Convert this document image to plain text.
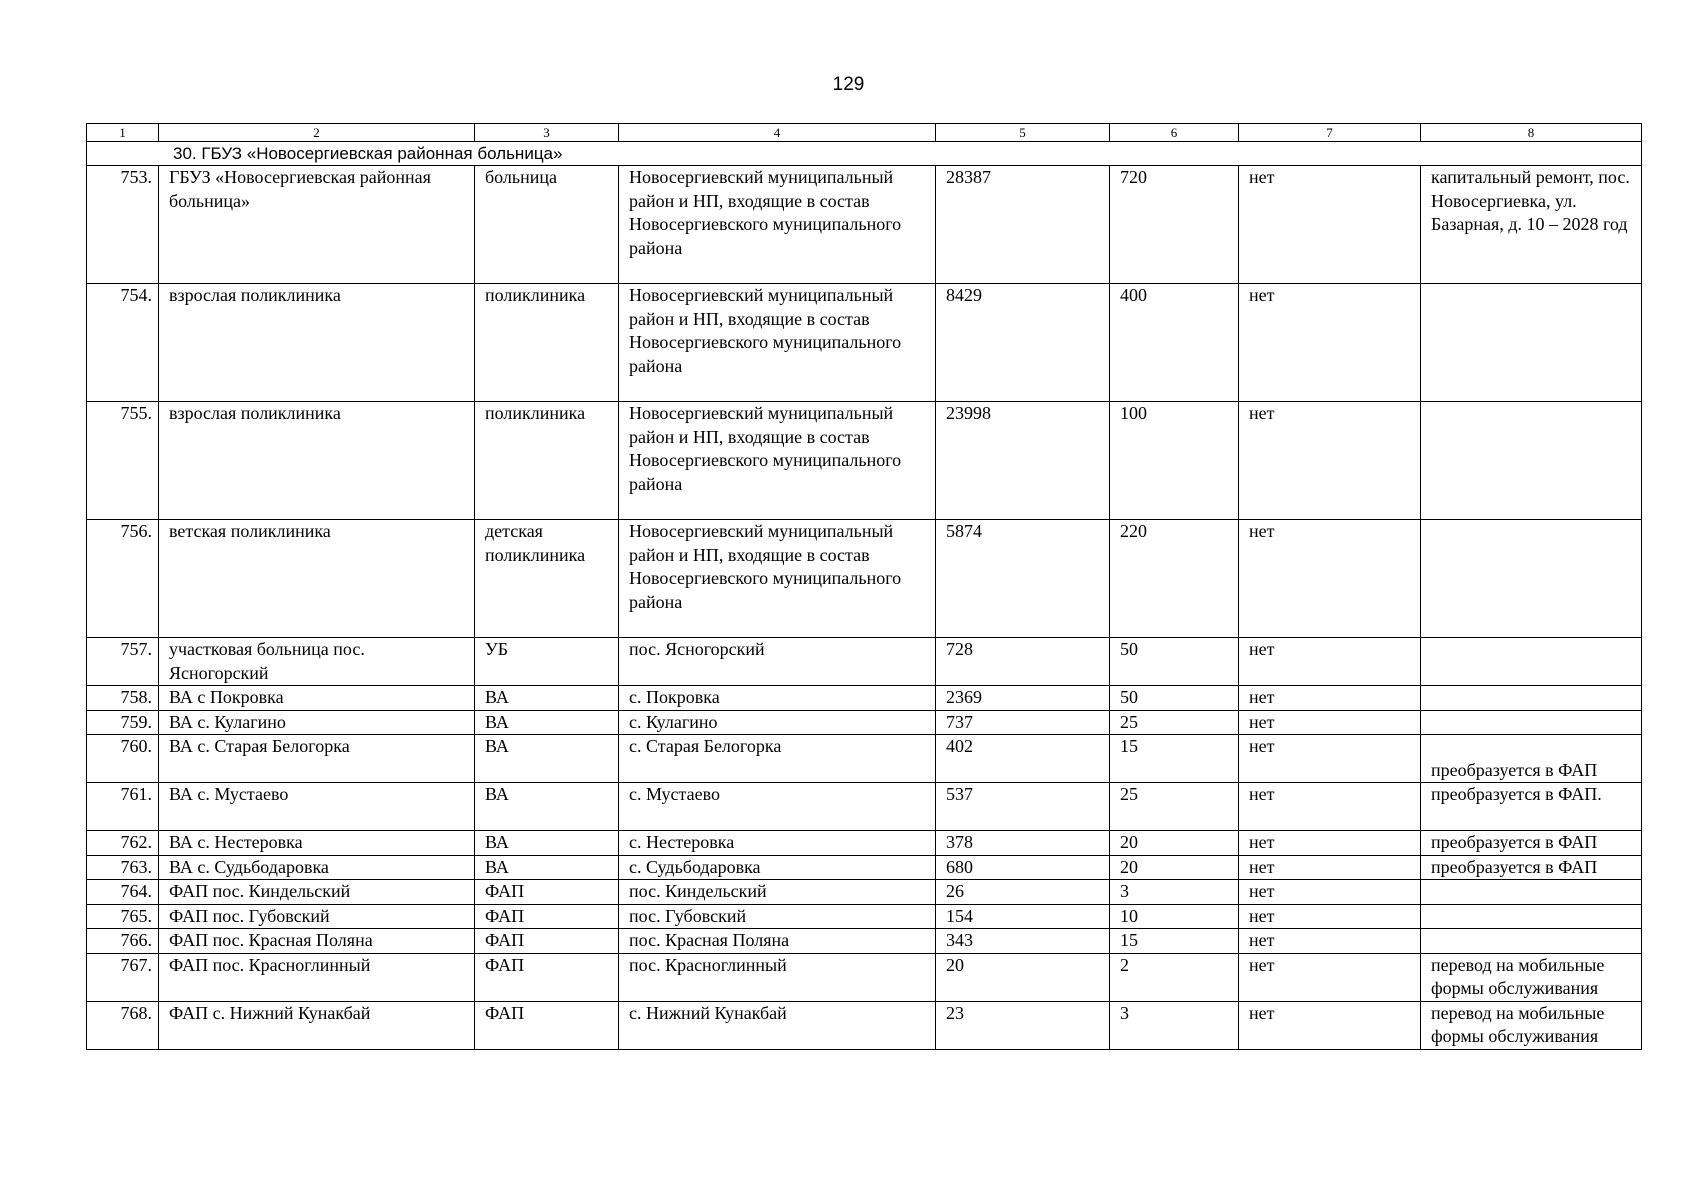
129
1	2	3	4	5	6	7	8
30. ГБУЗ «Новосергиевская районная больница»							
753.	ГБУЗ «Новосергиевская районная больница»	больница	Новосергиевский муниципальный район и НП, входящие в состав Новосергиевского муниципального района	28387	720	нет	капитальный ремонт, пос. Новосергиевка, ул. Базарная, д. 10 – 2028 год
754.	взрослая поликлиника	поликлиника	Новосергиевский муниципальный район и НП, входящие в состав Новосергиевского муниципального района	8429	400	нет	
755.	взрослая поликлиника	поликлиника	Новосергиевский муниципальный район и НП, входящие в состав Новосергиевского муниципального района	23998	100	нет	
756.	ветская поликлиника	детская поликлиника	Новосергиевский муниципальный район и НП, входящие в состав Новосергиевского муниципального района	5874	220	нет	
757.	участковая больница пос. Ясногорский	УБ	пос. Ясногорский	728	50	нет	
758.	ВА с Покровка	ВА	с. Покровка	2369	50	нет	
759.	ВА с. Кулагино	ВА	с. Кулагино	737	25	нет	
760.	ВА с. Старая Белогорка	ВА	с. Старая Белогорка	402	15	нет	преобразуется в ФАП
761.	ВА с. Мустаево	ВА	с. Мустаево	537	25	нет	преобразуется в ФАП.
762.	ВА с. Нестеровка	ВА	с. Нестеровка	378	20	нет	преобразуется в ФАП
763.	ВА с. Судьбодаровка	ВА	с. Судьбодаровка	680	20	нет	преобразуется в ФАП
764.	ФАП пос. Киндельский	ФАП	пос. Киндельский	26	3	нет	
765.	ФАП пос. Губовский	ФАП	пос. Губовский	154	10	нет	
766.	ФАП пос. Красная Поляна	ФАП	пос. Красная Поляна	343	15	нет	
767.	ФАП пос. Красноглинный	ФАП	пос. Красноглинный	20	2	нет	перевод на мобильные формы обслуживания
768.	ФАП с. Нижний Кунакбай	ФАП	с. Нижний Кунакбай	23	3	нет	перевод на мобильные формы обслуживания
